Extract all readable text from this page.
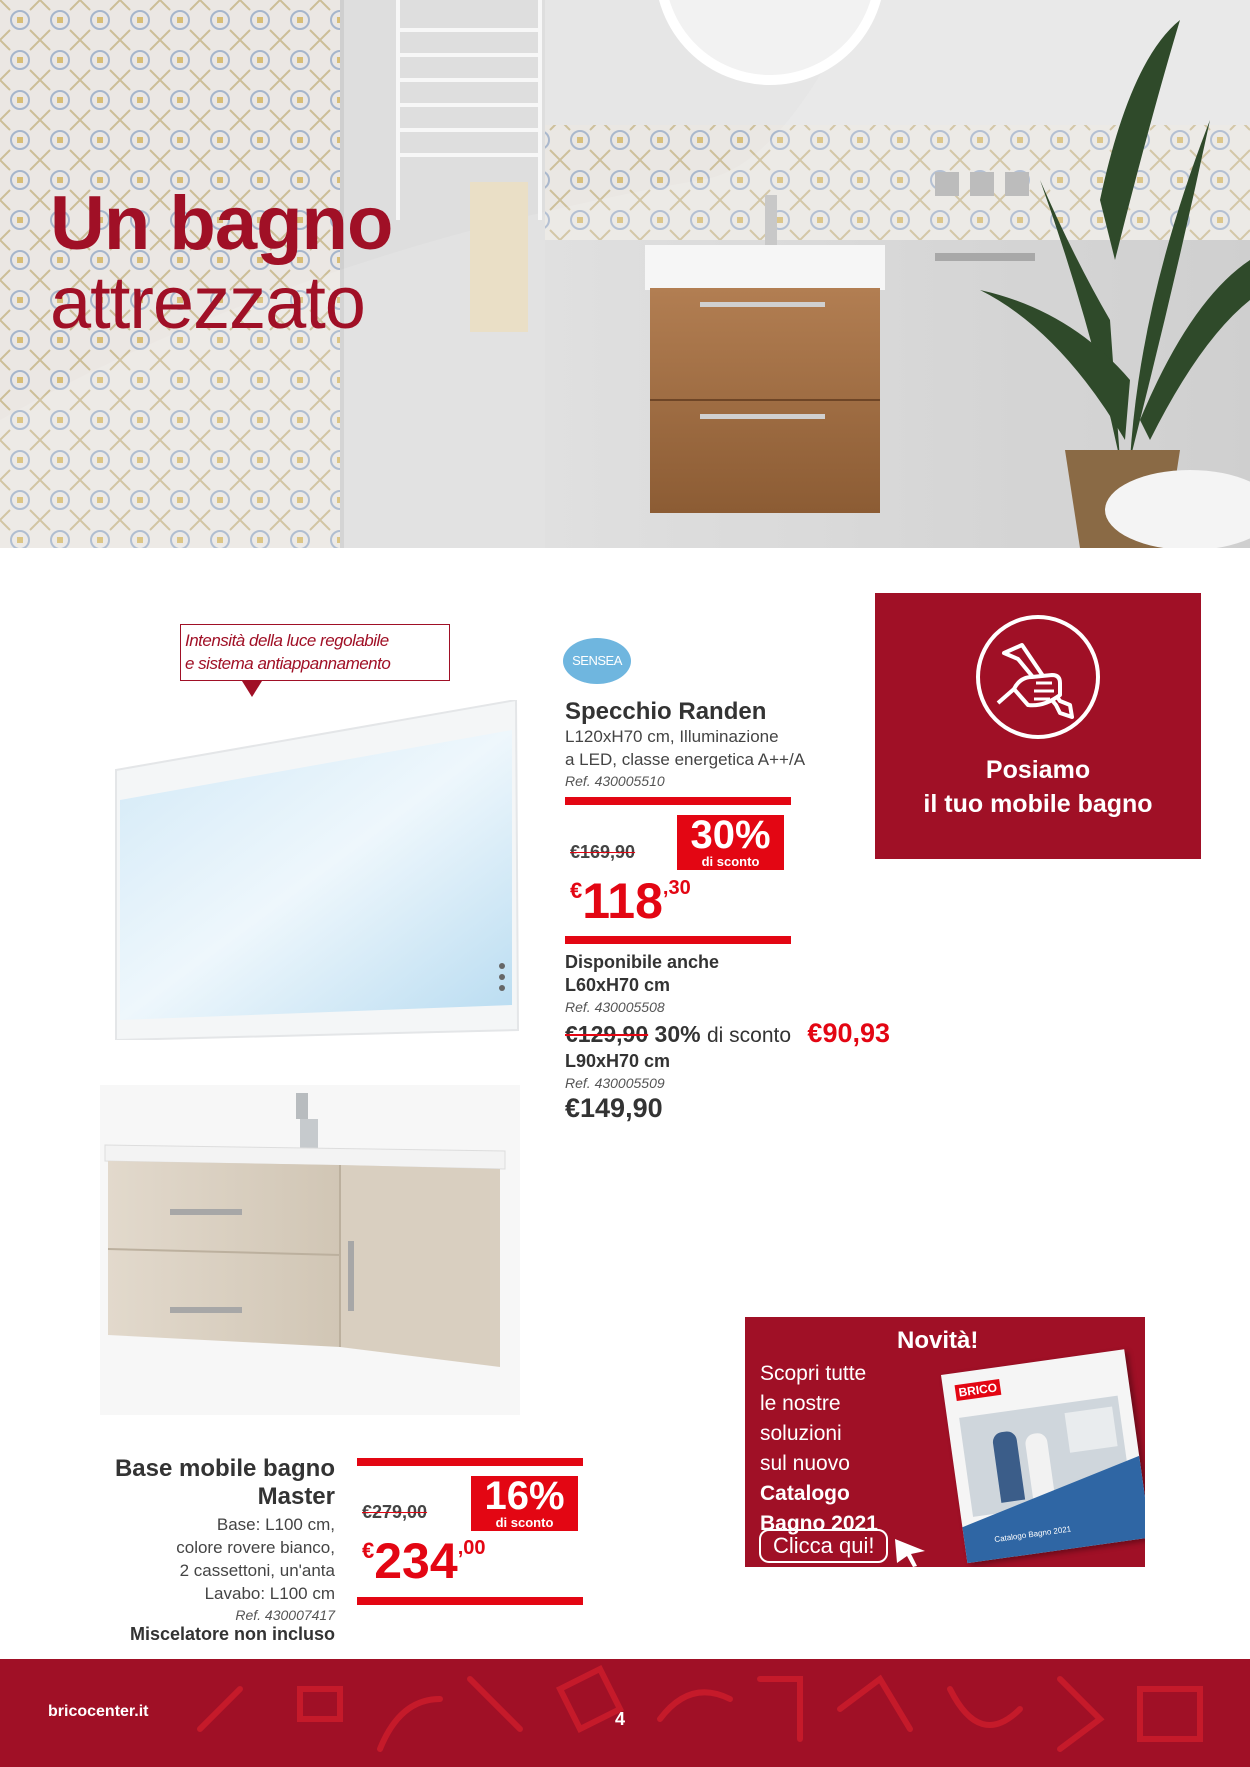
Un bagno
attrezzato
Intensità della luce regolabile
e sistema antiappannamento	SENSEA
Specchio Randen
L120xH70 cm, Illuminazione
a LED, classe energetica A++/A
Ref. 430005510
€169,90	30%
di sconto
€118,30
Disponibile anche
L60xH70 cm
Ref. 430005508
€129,90 30% di sconto €90,93
L90xH70 cm
Ref. 430005509
€149,90
Posiamo
il tuo mobile bagno
Base mobile bagno
Master
Base: L100 cm,
colore rovere bianco,
2 cassettoni, un'anta
Lavabo: L100 cm
Ref. 430007417
Miscelatore non incluso
€279,00	16%
di sconto
€234,00
Novità!
Scopri tutte
le nostre
soluzioni
sul nuovo
Catalogo
Bagno 2021
BRICO
Catalogo Bagno 2021
Clicca qui!
bricocenter.it	4
